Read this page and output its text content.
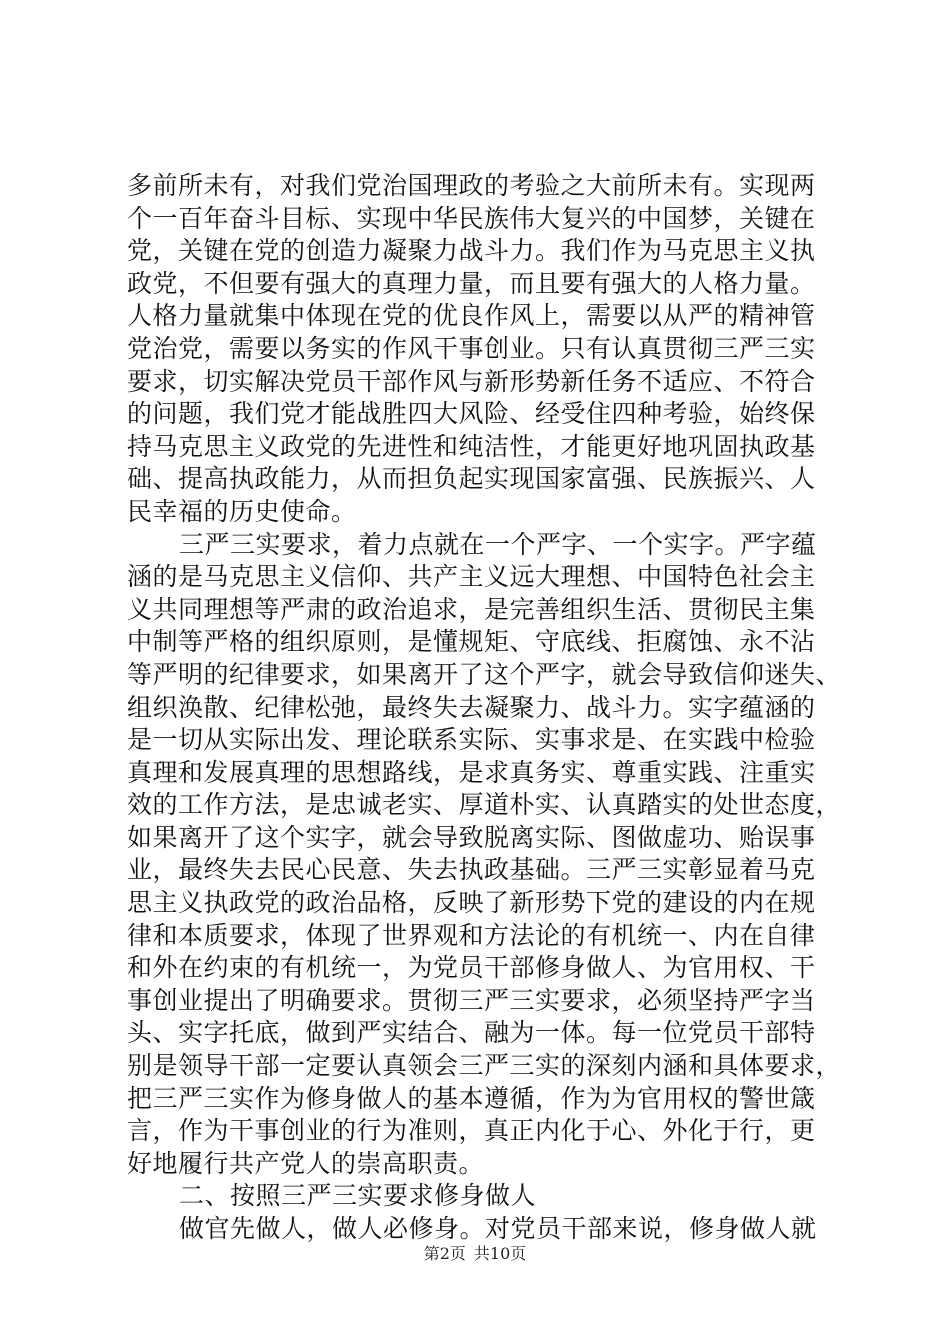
多前所未有，对我们党治国理政的考验之大前所未有。实现两
个一百年奋斗目标、实现中华民族伟大复兴的中国梦，关键在
党，关键在党的创造力凝聚力战斗力。我们作为马克思主义执
政党，不但要有强大的真理力量，而且要有强大的人格力量。
人格力量就集中体现在党的优良作风上，需要以从严的精神管
党治党，需要以务实的作风干事创业。只有认真贯彻三严三实
要求，切实解决党员干部作风与新形势新任务不适应、不符合
的问题，我们党才能战胜四大风险、经受住四种考验，始终保
持马克思主义政党的先进性和纯洁性，才能更好地巩固执政基
础、提高执政能力，从而担负起实现国家富强、民族振兴、人
民幸福的历史使命。
三严三实要求，着力点就在一个严字、一个实字。严字蕴
涵的是马克思主义信仰、共产主义远大理想、中国特色社会主
义共同理想等严肃的政治追求，是完善组织生活、贯彻民主集
中制等严格的组织原则，是懂规矩、守底线、拒腐蚀、永不沾
等严明的纪律要求，如果离开了这个严字，就会导致信仰迷失、
组织涣散、纪律松弛，最终失去凝聚力、战斗力。实字蕴涵的
是一切从实际出发、理论联系实际、实事求是、在实践中检验
真理和发展真理的思想路线，是求真务实、尊重实践、注重实
效的工作方法，是忠诚老实、厚道朴实、认真踏实的处世态度，
如果离开了这个实字，就会导致脱离实际、图做虚功、贻误事
业，最终失去民心民意、失去执政基础。三严三实彰显着马克
思主义执政党的政治品格，反映了新形势下党的建设的内在规
律和本质要求，体现了世界观和方法论的有机统一、内在自律
和外在约束的有机统一，为党员干部修身做人、为官用权、干
事创业提出了明确要求。贯彻三严三实要求，必须坚持严字当
头、实字托底，做到严实结合、融为一体。每一位党员干部特
别是领导干部一定要认真领会三严三实的深刻内涵和具体要求，
把三严三实作为修身做人的基本遵循，作为为官用权的警世箴
言，作为干事创业的行为准则，真正内化于心、外化于行，更
好地履行共产党人的崇高职责。
二、按照三严三实要求修身做人
做官先做人，做人必修身。对党员干部来说，修身做人就
第2页 共10页
